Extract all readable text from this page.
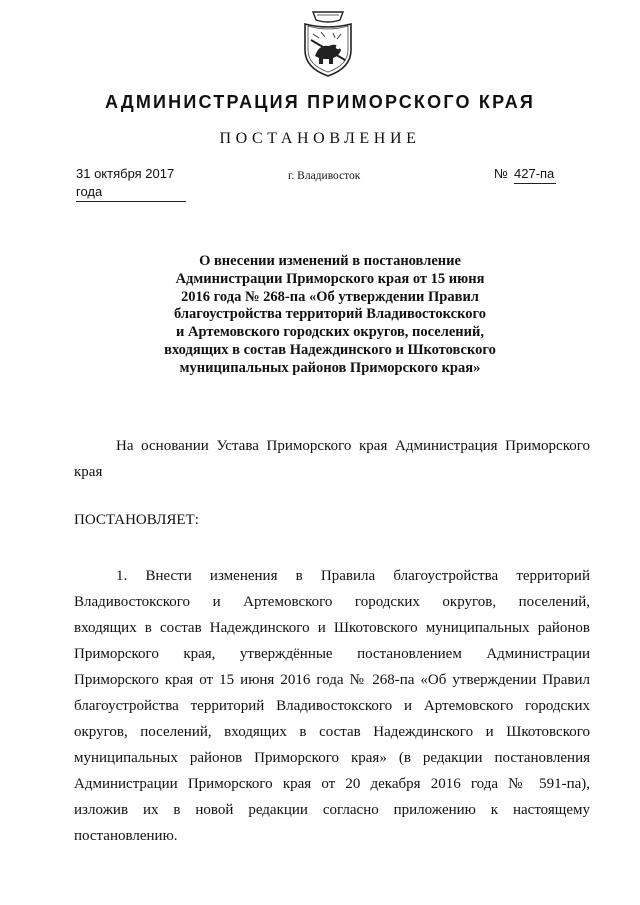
АДМИНИСТРАЦИЯ ПРИМОРСКОГО КРАЯ
ПОСТАНОВЛЕНИЕ
31 октября 2017 года
г. Владивосток	№ 427-па
О внесении изменений в постановление
Администрации Приморского края от 15 июня
2016 года № 268-па «Об утверждении Правил
благоустройства территорий Владивостокского
и Артемовского городских округов, поселений,
входящих в состав Надеждинского и Шкотовского
муниципальных районов Приморского края»
На основании Устава Приморского края Администрация Приморского
края
ПОСТАНОВЛЯЕТ:
1. Внести изменения в Правила благоустройства территорий
Владивостокского и Артемовского городских округов, поселений,
входящих в состав Надеждинского и Шкотовского муниципальных районов
Приморского края, утверждённые постановлением Администрации
Приморского края от 15 июня 2016 года № 268-па «Об утверждении Правил
благоустройства территорий Владивостокского и Артемовского городских
округов, поселений, входящих в состав Надеждинского и Шкотовского
муниципальных районов Приморского края» (в редакции постановления
Администрации Приморского края от 20 декабря 2016 года № 591-па),
изложив их в новой редакции согласно приложению к настоящему
постановлению.
